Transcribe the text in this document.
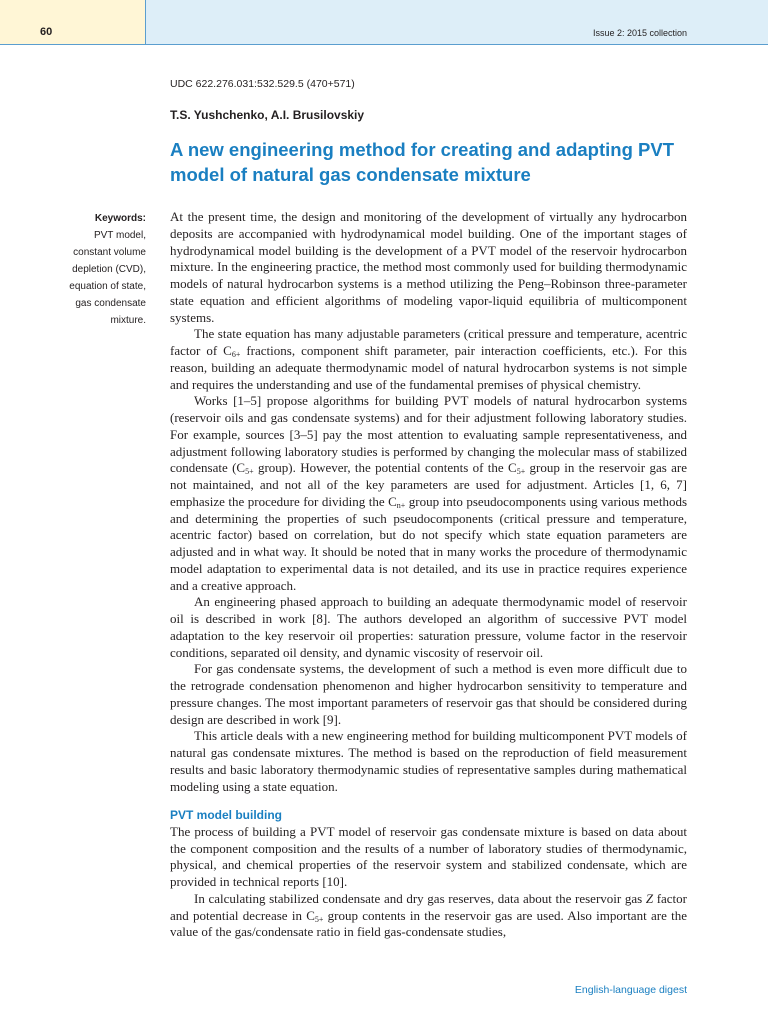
60	Issue 2: 2015 collection
UDC 622.276.031:532.529.5 (470+571)
T.S. Yushchenko, A.I. Brusilovskiy
A new engineering method for creating and adapting PVT model of natural gas condensate mixture
Keywords:
PVT model,
constant volume
depletion (CVD),
equation of state,
gas condensate
mixture.

At the present time, the design and monitoring of the development of virtually any hydrocarbon deposits are accompanied with hydrodynamical model building. One of the important stages of hydrodynamical model building is the development of a PVT model of the reservoir hydrocarbon mixture. In the engineering practice, the method most commonly used for building thermodynamic models of natural hydrocarbon systems is a method utilizing the Peng–Robinson three-parameter state equation and efficient algorithms of modeling vapor-liquid equilibria of multicomponent systems.

The state equation has many adjustable parameters (critical pressure and temperature, acentric factor of $C_{6+}$ fractions, component shift parameter, pair interaction coefficients, etc.). For this reason, building an adequate thermodynamic model of natural hydrocarbon systems is not simple and requires the understanding and use of the fundamental premises of physical chemistry.

Works [1–5] propose algorithms for building PVT models of natural hydrocarbon systems (reservoir oils and gas condensate systems) and for their adjustment following laboratory studies. For example, sources [3–5] pay the most attention to evaluating sample representativeness, and adjustment following laboratory studies is performed by changing the molecular mass of stabilized condensate ($C_{5+}$ group). However, the potential contents of the $C_{5+}$ group in the reservoir gas are not maintained, and not all of the key parameters are used for adjustment. Articles [1, 6, 7] emphasize the procedure for dividing the $C_{n+}$ group into pseudocomponents using various methods and determining the properties of such pseudocomponents (critical pressure and temperature, acentric factor) based on correlation, but do not specify which state equation parameters are adjusted and in what way. It should be noted that in many works the procedure of thermodynamic model adaptation to experimental data is not detailed, and its use in practice requires experience and a creative approach.

An engineering phased approach to building an adequate thermodynamic model of reservoir oil is described in work [8]. The authors developed an algorithm of successive PVT model adaptation to the key reservoir oil properties: saturation pressure, volume factor in the reservoir conditions, separated oil density, and dynamic viscosity of reservoir oil.

For gas condensate systems, the development of such a method is even more difficult due to the retrograde condensation phenomenon and higher hydrocarbon sensitivity to temperature and pressure changes. The most important parameters of reservoir gas that should be considered during design are described in work [9].

This article deals with a new engineering method for building multicomponent PVT models of natural gas condensate mixtures. The method is based on the reproduction of field measurement results and basic laboratory thermodynamic studies of representative samples during mathematical modeling using a state equation.

PVT model building

The process of building a PVT model of reservoir gas condensate mixture is based on data about the component composition and the results of a number of laboratory studies of thermodynamic, physical, and chemical properties of the reservoir system and stabilized condensate, which are provided in technical reports [10].

In calculating stabilized condensate and dry gas reserves, data about the reservoir gas Z factor and potential decrease in $C_{5+}$ group contents in the reservoir gas are used. Also important are the value of the gas/condensate ratio in field gas-condensate studies,

English-language digest
